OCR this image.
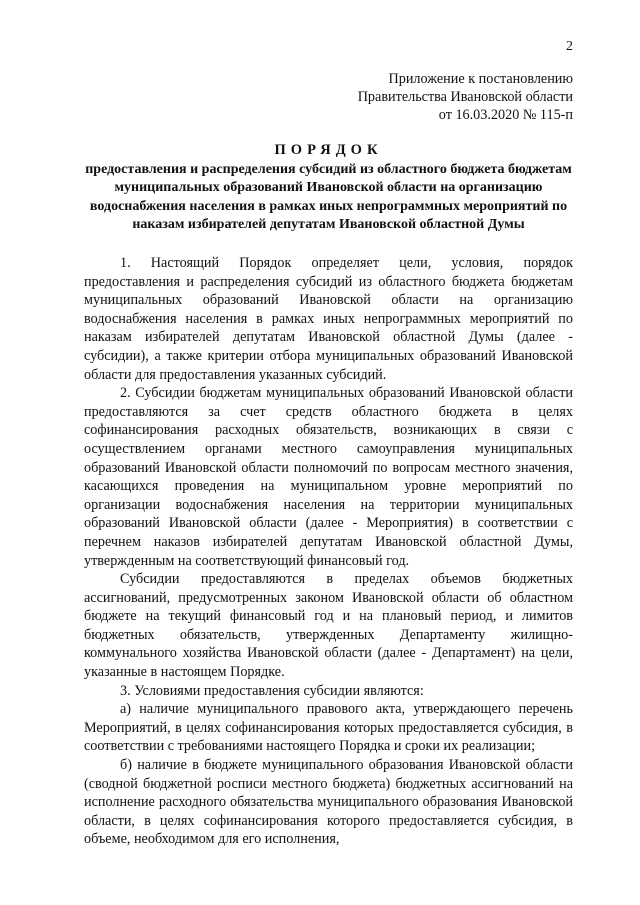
2
Приложение к постановлению
Правительства Ивановской области
от 16.03.2020 № 115-п
ПОРЯДОК
предоставления и распределения субсидий из областного бюджета бюджетам муниципальных образований Ивановской области на организацию водоснабжения населения в рамках иных непрограммных мероприятий по наказам избирателей депутатам Ивановской областной Думы

1. Настоящий Порядок определяет цели, условия, порядок предоставления и распределения субсидий из областного бюджета бюджетам муниципальных образований Ивановской области на организацию водоснабжения населения в рамках иных непрограммных мероприятий по наказам избирателей депутатам Ивановской областной Думы (далее - субсидии), а также критерии отбора муниципальных образований Ивановской области для предоставления указанных субсидий.

2. Субсидии бюджетам муниципальных образований Ивановской области предоставляются за счет средств областного бюджета в целях софинансирования расходных обязательств, возникающих в связи с осуществлением органами местного самоуправления муниципальных образований Ивановской области полномочий по вопросам местного значения, касающихся проведения на муниципальном уровне мероприятий по организации водоснабжения населения на территории муниципальных образований Ивановской области (далее - Мероприятия) в соответствии с перечнем наказов избирателей депутатам Ивановской областной Думы, утвержденным на соответствующий финансовый год.

Субсидии предоставляются в пределах объемов бюджетных ассигнований, предусмотренных законом Ивановской области об областном бюджете на текущий финансовый год и на плановый период, и лимитов бюджетных обязательств, утвержденных Департаменту жилищно-коммунального хозяйства Ивановской области (далее - Департамент) на цели, указанные в настоящем Порядке.

3. Условиями предоставления субсидии являются:

а) наличие муниципального правового акта, утверждающего перечень Мероприятий, в целях софинансирования которых предоставляется субсидия, в соответствии с требованиями настоящего Порядка и сроки их реализации;

б) наличие в бюджете муниципального образования Ивановской области (сводной бюджетной росписи местного бюджета) бюджетных ассигнований на исполнение расходного обязательства муниципального образования Ивановской области, в целях софинансирования которого предоставляется субсидия, в объеме, необходимом для его исполнения,
